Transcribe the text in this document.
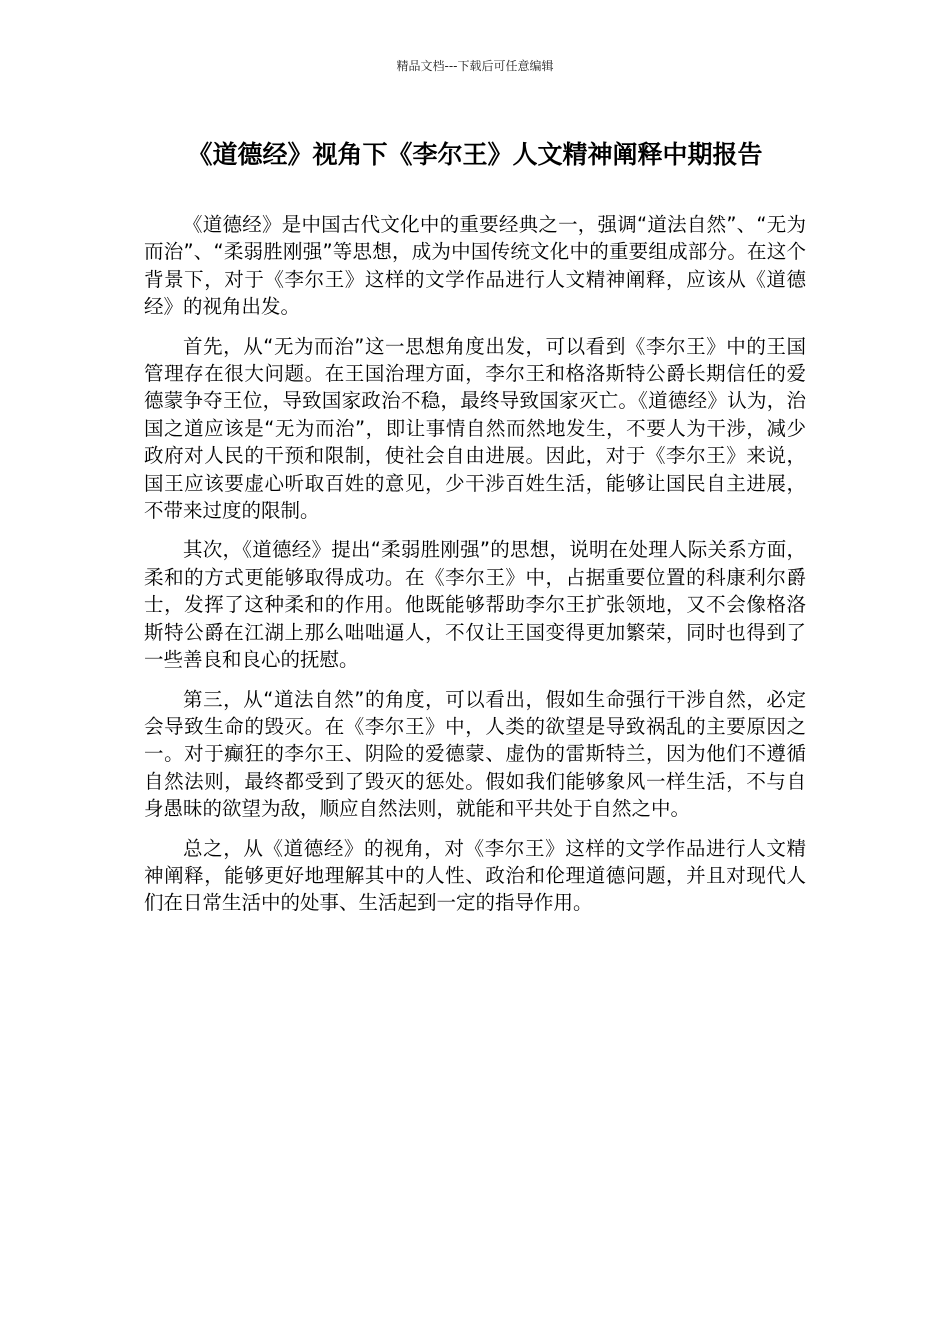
精品文档---下载后可任意编辑
《道德经》视角下《李尔王》人文精神阐释中期报告

《道德经》是中国古代文化中的重要经典之一，强调“道法自然”、“无为而治”、“柔弱胜刚强”等思想，成为中国传统文化中的重要组成部分。在这个背景下，对于《李尔王》这样的文学作品进行人文精神阐释，应该从《道德经》的视角出发。

首先，从“无为而治”这一思想角度出发，可以看到《李尔王》中的王国管理存在很大问题。在王国治理方面，李尔王和格洛斯特公爵长期信任的爱德蒙争夺王位，导致国家政治不稳，最终导致国家灭亡。《道德经》认为，治国之道应该是“无为而治”，即让事情自然而然地发生，不要人为干涉，减少政府对人民的干预和限制，使社会自由进展。因此，对于《李尔王》来说，国王应该要虚心听取百姓的意见，少干涉百姓生活，能够让国民自主进展，不带来过度的限制。

其次，《道德经》提出“柔弱胜刚强”的思想，说明在处理人际关系方面，柔和的方式更能够取得成功。在《李尔王》中，占据重要位置的科康利尔爵士，发挥了这种柔和的作用。他既能够帮助李尔王扩张领地，又不会像格洛斯特公爵在江湖上那么咄咄逼人，不仅让王国变得更加繁荣，同时也得到了一些善良和良心的抚慰。

第三，从“道法自然”的角度，可以看出，假如生命强行干涉自然，必定会导致生命的毁灭。在《李尔王》中，人类的欲望是导致祸乱的主要原因之一。对于癫狂的李尔王、阴险的爱德蒙、虚伪的雷斯特兰，因为他们不遵循自然法则，最终都受到了毁灭的惩处。假如我们能够象风一样生活，不与自身愚昧的欲望为敌，顺应自然法则，就能和平共处于自然之中。

总之，从《道德经》的视角，对《李尔王》这样的文学作品进行人文精神阐释，能够更好地理解其中的人性、政治和伦理道德问题，并且对现代人们在日常生活中的处事、生活起到一定的指导作用。
